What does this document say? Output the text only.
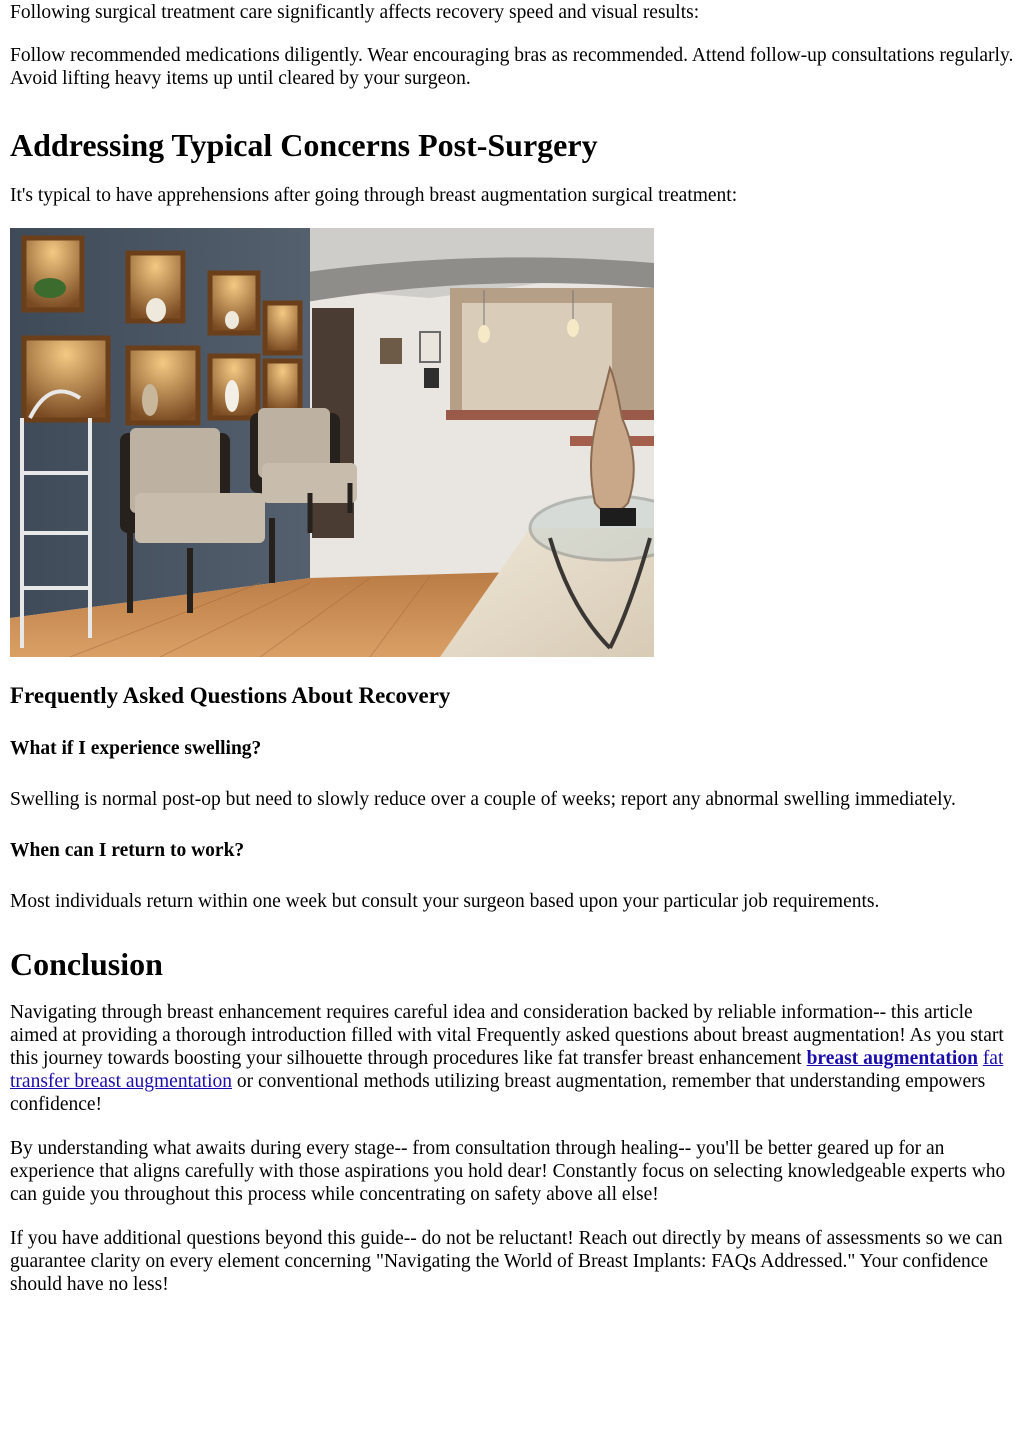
Following surgical treatment care significantly affects recovery speed and visual results:

Follow recommended medications diligently. Wear encouraging bras as recommended. Attend follow-up consultations regularly. Avoid lifting heavy items up until cleared by your surgeon.

Addressing Typical Concerns Post-Surgery

It's typical to have apprehensions after going through breast augmentation surgical treatment:

Frequently Asked Questions About Recovery
What if I experience swelling?

Swelling is normal post-op but need to slowly reduce over a couple of weeks; report any abnormal swelling immediately.

When can I return to work?

Most individuals return within one week but consult your surgeon based upon your particular job requirements.

Conclusion

Navigating through breast enhancement requires careful idea and consideration backed by reliable information-- this article aimed at providing a thorough introduction filled with vital Frequently asked questions about breast augmentation! As you start this journey towards boosting your silhouette through procedures like fat transfer breast enhancement breast augmentation fat transfer breast augmentation or conventional methods utilizing breast augmentation, remember that understanding empowers confidence!

By understanding what awaits during every stage-- from consultation through healing-- you'll be better geared up for an experience that aligns carefully with those aspirations you hold dear! Constantly focus on selecting knowledgeable experts who can guide you throughout this process while concentrating on safety above all else!

If you have additional questions beyond this guide-- do not be reluctant! Reach out directly by means of assessments so we can guarantee clarity on every element concerning "Navigating the World of Breast Implants: FAQs Addressed." Your confidence should have no less!
